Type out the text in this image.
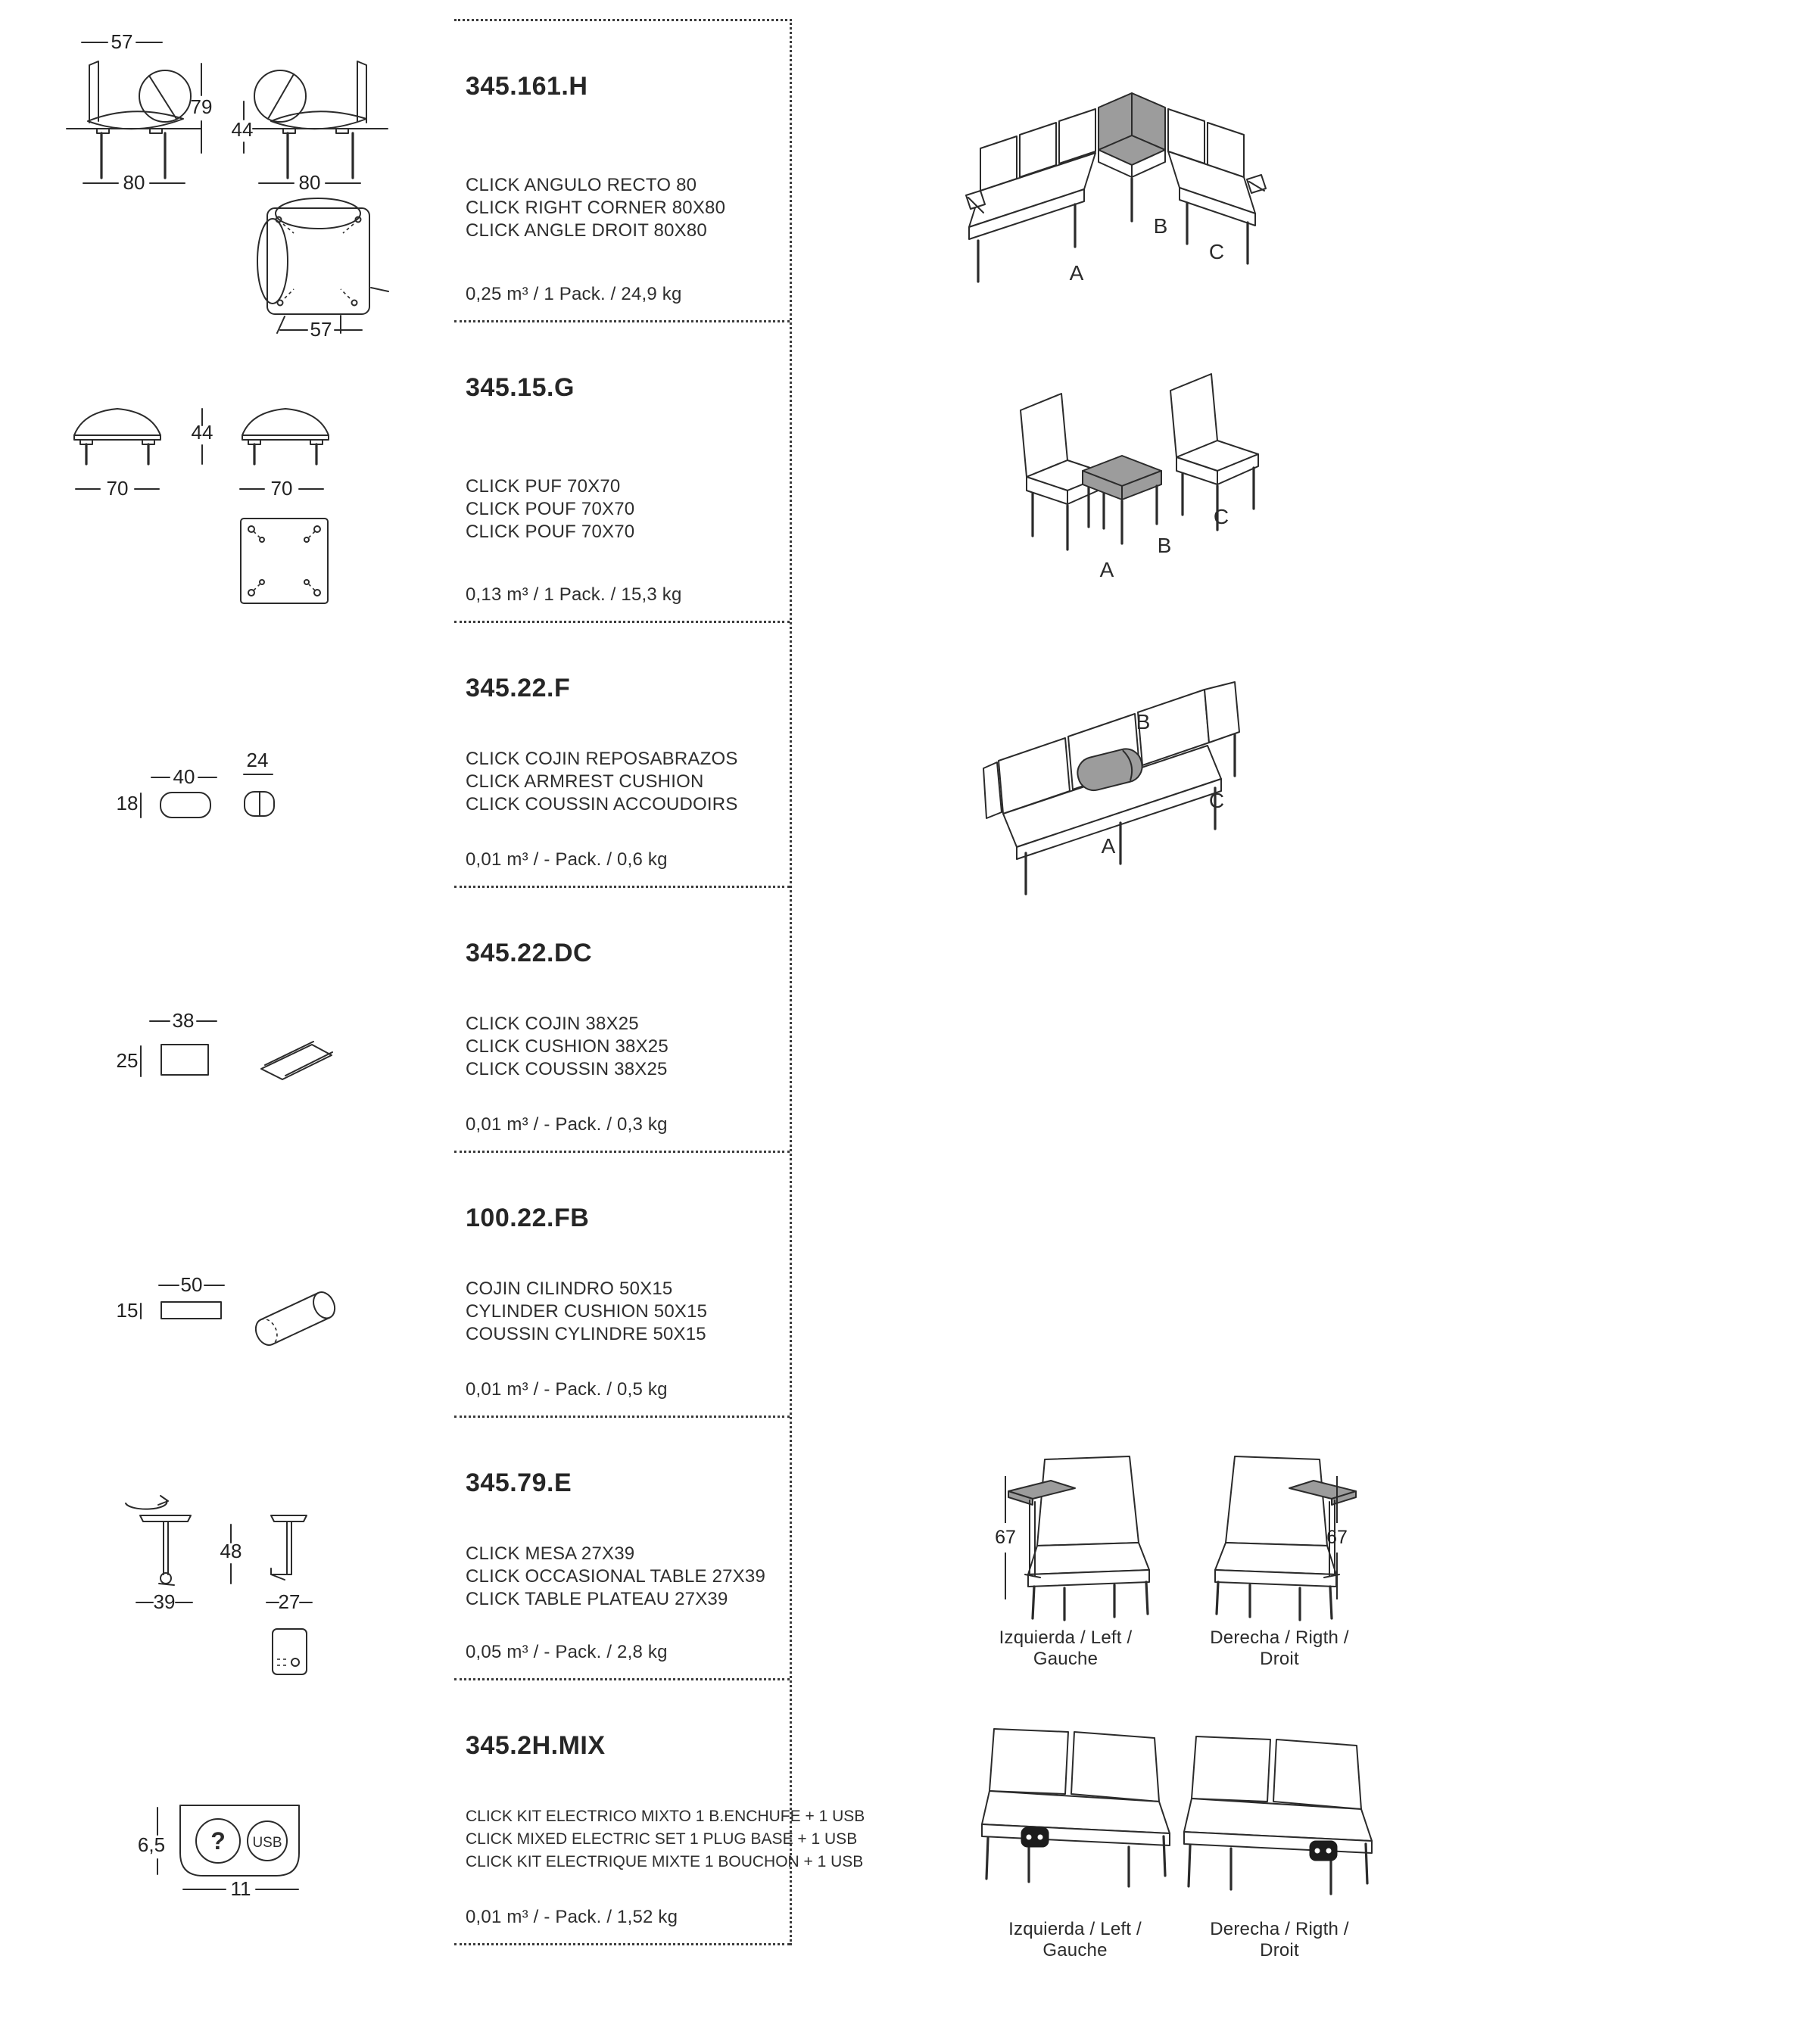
345.161.H

CLICK ANGULO RECTO 80

CLICK RIGHT CORNER 80X80

CLICK ANGLE DROIT 80X80

0,25 m³ / 1 Pack. / 24,9 kg

345.15.G

CLICK PUF 70X70

CLICK POUF 70X70

CLICK POUF 70X70

0,13 m³ / 1 Pack. / 15,3 kg

345.22.F

CLICK COJIN REPOSABRAZOS

CLICK ARMREST CUSHION

CLICK COUSSIN ACCOUDOIRS

0,01 m³ / - Pack. / 0,6 kg

345.22.DC

CLICK COJIN 38X25

CLICK CUSHION 38X25

CLICK COUSSIN 38X25

0,01 m³ / - Pack. / 0,3 kg

100.22.FB

COJIN CILINDRO 50X15

CYLINDER CUSHION 50X15

COUSSIN CYLINDRE 50X15

0,01 m³ / - Pack. / 0,5 kg

345.79.E

CLICK MESA 27X39

CLICK OCCASIONAL TABLE 27X39

CLICK TABLE PLATEAU 27X39

0,05 m³ / - Pack. / 2,8 kg

345.2H.MIX

CLICK KIT ELECTRICO MIXTO 1 B.ENCHUFE + 1 USB

CLICK MIXED ELECTRIC SET 1 PLUG BASE + 1 USB

CLICK KIT ELECTRIQUE MIXTE 1 BOUCHON + 1 USB

0,01 m³ / - Pack. / 1,52 kg

57
79
44
80	80
57
44
70	70
40
18
24
38
25
50
15
48
39	27
6,5 ? USB
11
A
B
C
A
B
C
B
A
C
67	67
Izquierda / Left / Gauche
Derecha / Rigth / Droit
Izquierda / Left / Gauche
Derecha / Rigth / Droit
